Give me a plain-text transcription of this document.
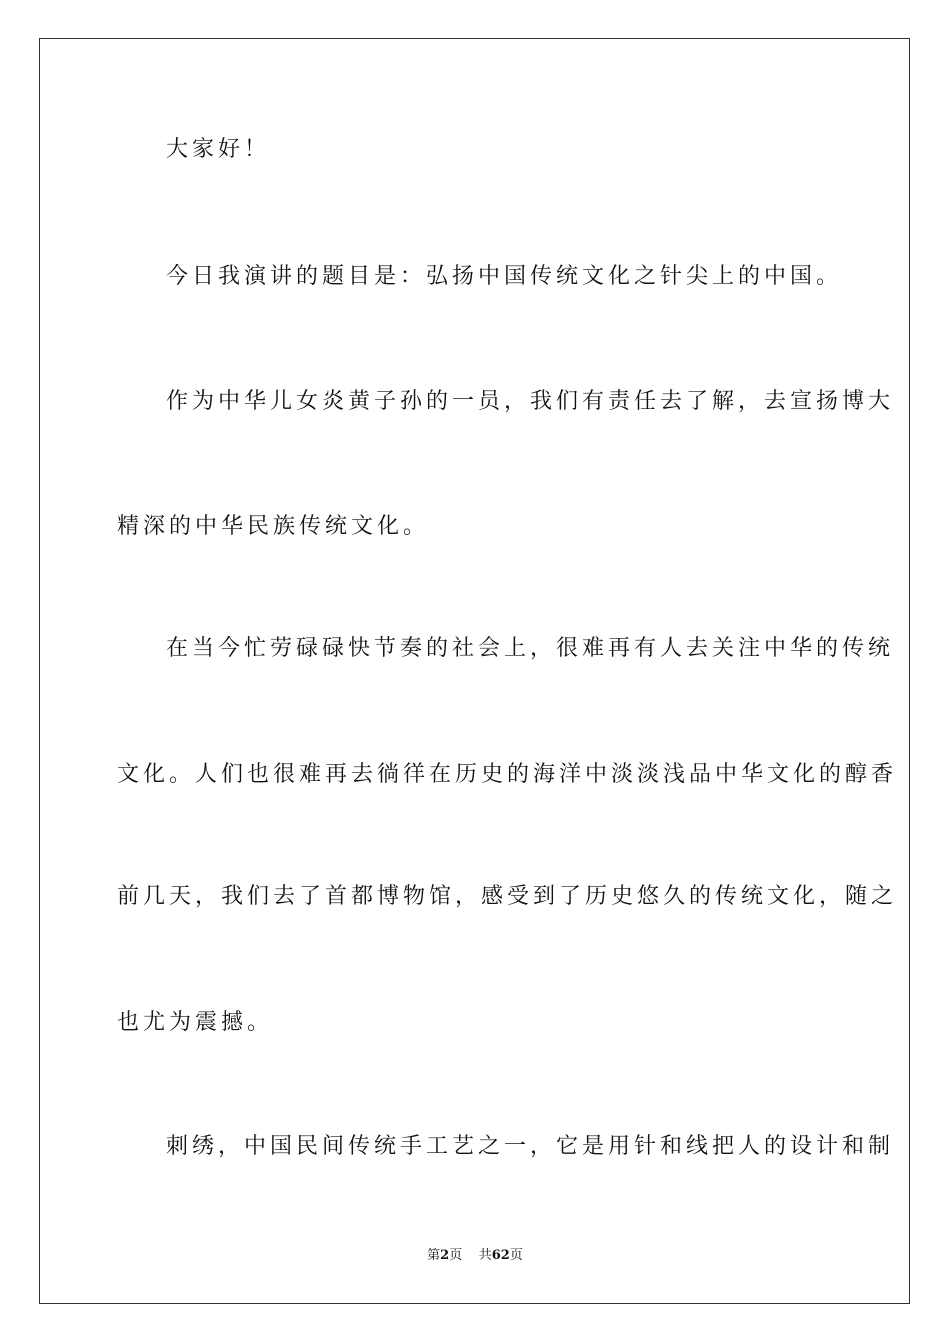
大家好！
今日我演讲的题目是：弘扬中国传统文化之针尖上的中国。
作为中华儿女炎黄子孙的一员，我们有责任去了解，去宣扬博大
精深的中华民族传统文化。
在当今忙劳碌碌快节奏的社会上，很难再有人去关注中华的传统
文化。人们也很难再去徜徉在历史的海洋中淡淡浅品中华文化的醇香
前几天，我们去了首都博物馆，感受到了历史悠久的传统文化，随之
也尤为震撼。
刺绣，中国民间传统手工艺之一，它是用针和线把人的设计和制
第2页 共62页
